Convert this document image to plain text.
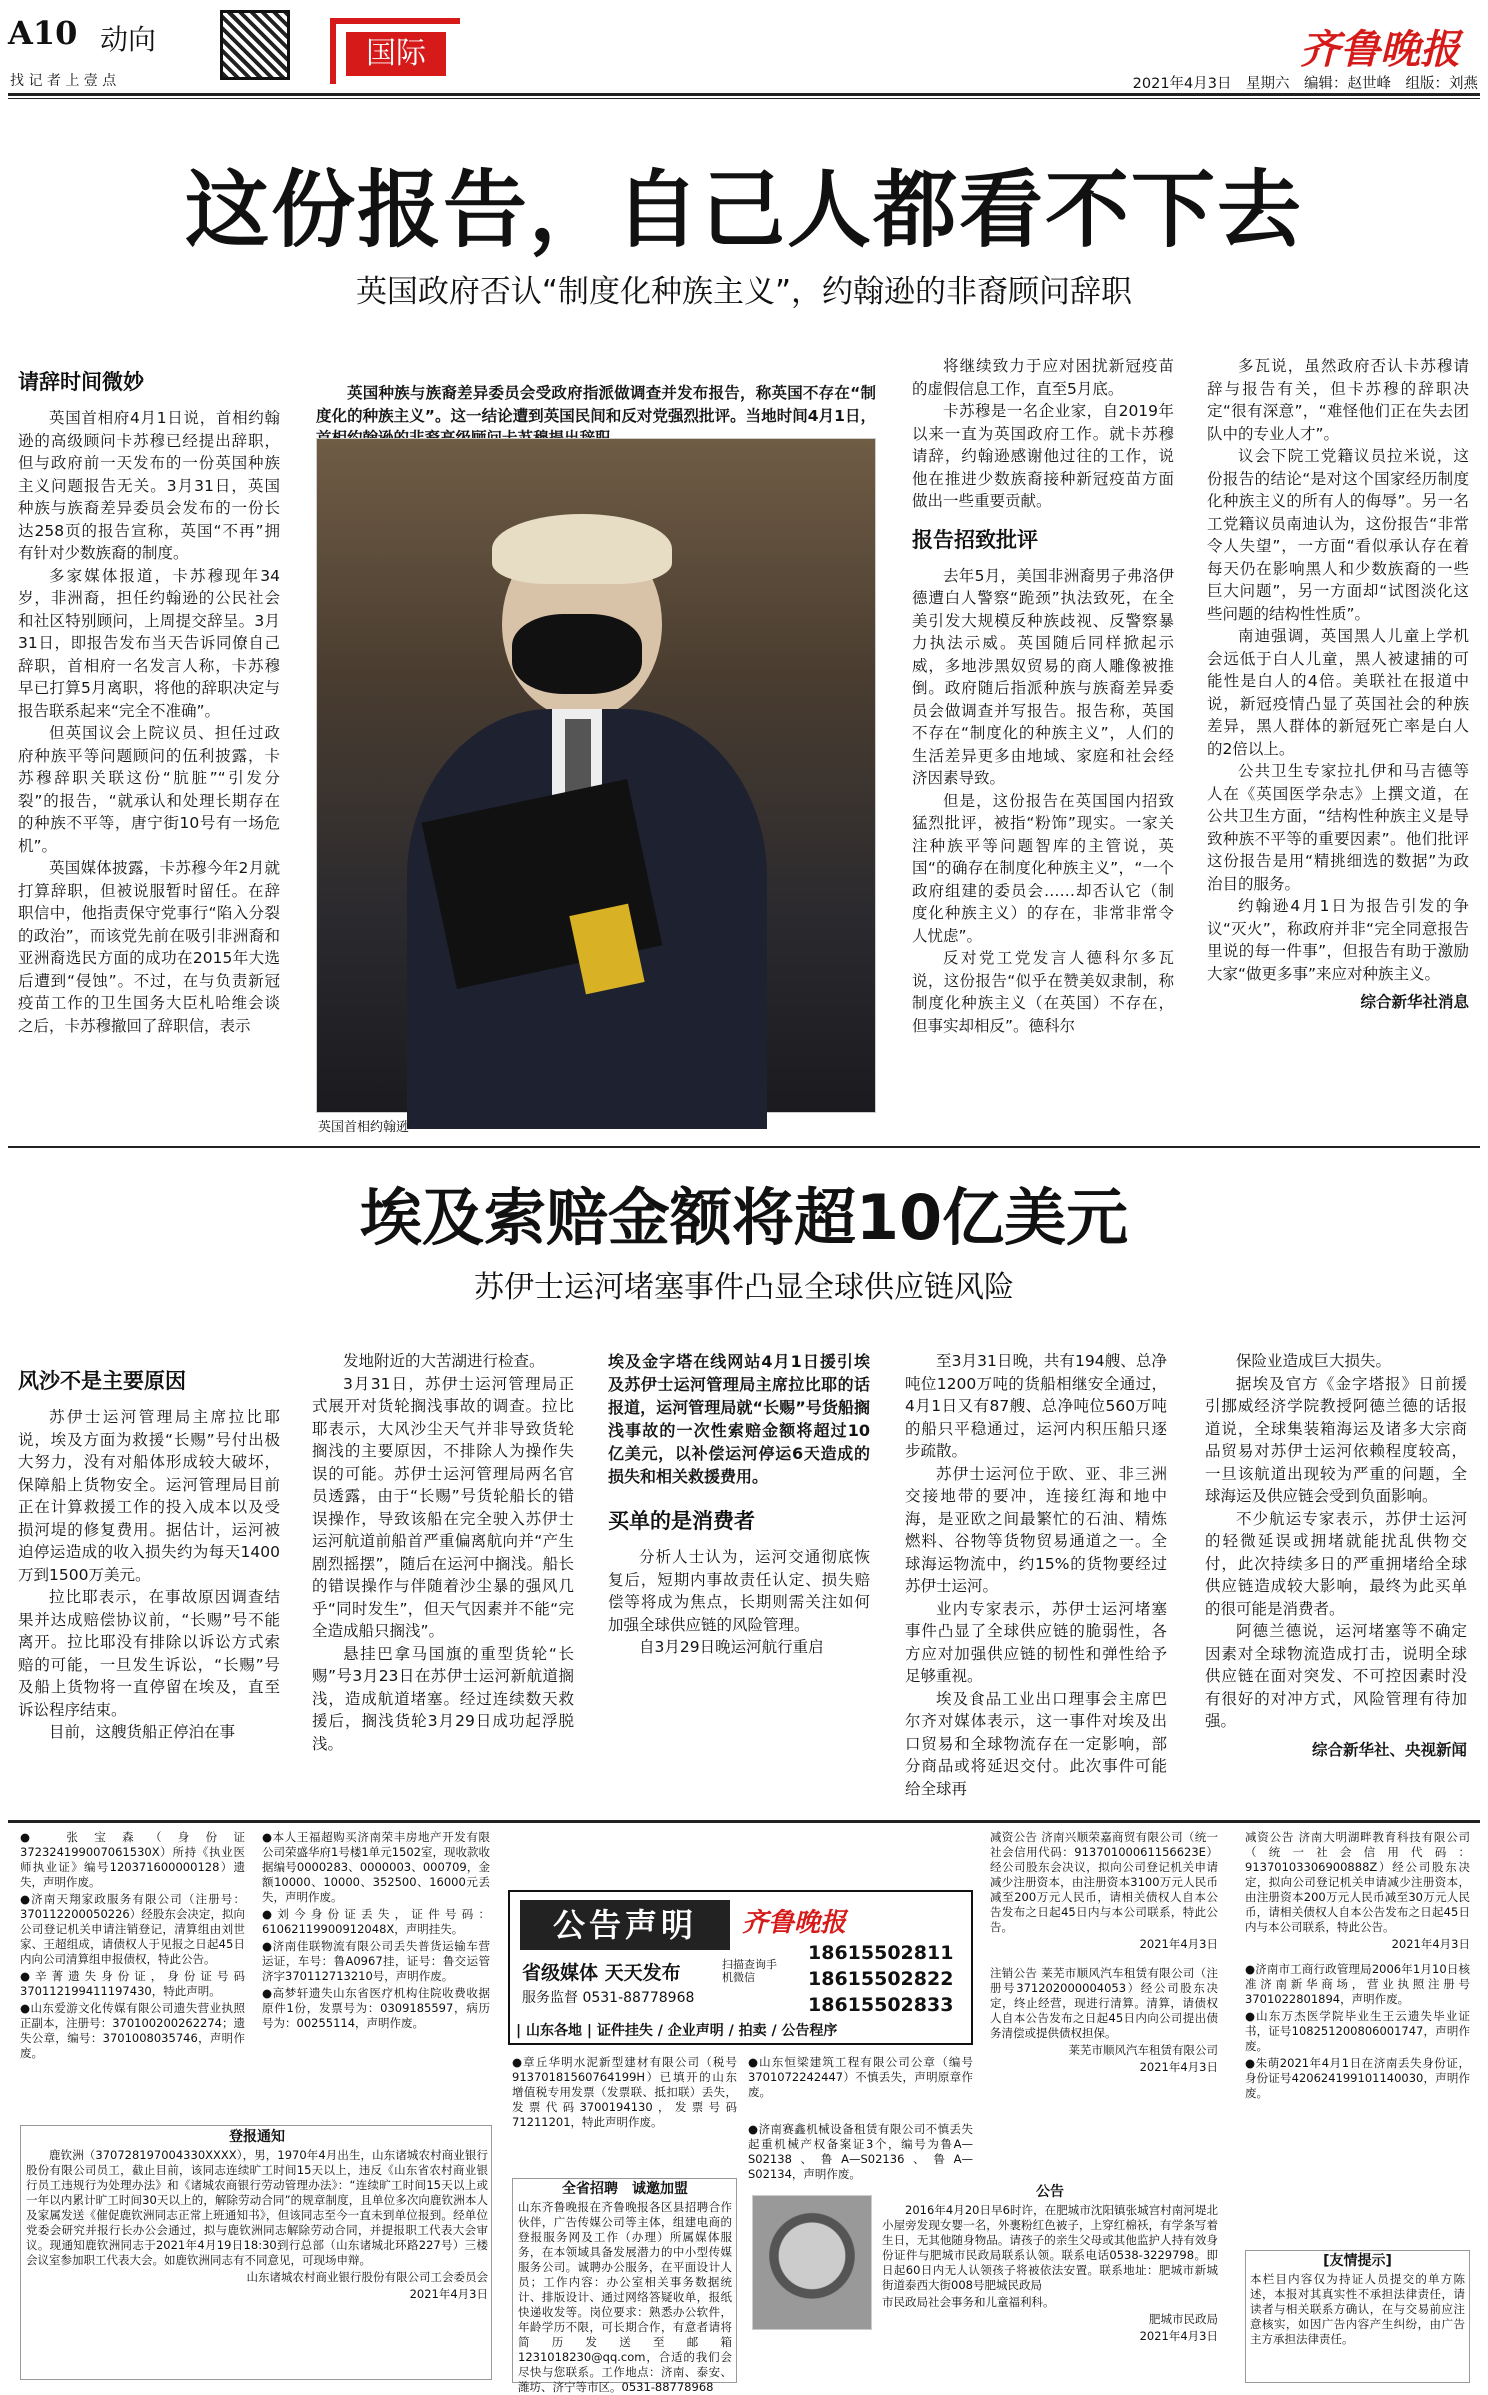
A10 动向
找 记 者 上 壹 点
国际	齐鲁晚报
2021年4月3日　星期六　编辑：赵世峰　组版：刘燕
这份报告，自己人都看不下去
英国政府否认“制度化种族主义”，约翰逊的非裔顾问辞职
请辞时间微妙

英国首相府4月1日说，首相约翰逊的高级顾问卡苏穆已经提出辞职，但与政府前一天发布的一份英国种族主义问题报告无关。3月31日，英国种族与族裔差异委员会发布的一份长达258页的报告宣称，英国“不再”拥有针对少数族裔的制度。

多家媒体报道，卡苏穆现年34岁，非洲裔，担任约翰逊的公民社会和社区特别顾问，上周提交辞呈。3月31日，即报告发布当天告诉同僚自己辞职，首相府一名发言人称，卡苏穆早已打算5月离职，将他的辞职决定与报告联系起来“完全不准确”。

但英国议会上院议员、担任过政府种族平等问题顾问的伍利披露，卡苏穆辞职关联这份“肮脏”“引发分裂”的报告，“就承认和处理长期存在的种族不平等，唐宁街10号有一场危机”。

英国媒体披露，卡苏穆今年2月就打算辞职，但被说服暂时留任。在辞职信中，他指责保守党事行“陷入分裂的政治”，而该党先前在吸引非洲裔和亚洲裔选民方面的成功在2015年大选后遭到“侵蚀”。不过，在与负责新冠疫苗工作的卫生国务大臣札哈维会谈之后，卡苏穆撤回了辞职信，表示

英国种族与族裔差异委员会受政府指派做调查并发布报告，称英国不存在“制度化的种族主义”。这一结论遭到英国民间和反对党强烈批评。当地时间4月1日，

英国首相约翰逊

将继续致力于应对困扰新冠疫苗的虚假信息工作，直至5月底。

卡苏穆是一名企业家，自2019年以来一直为英国政府工作。就卡苏穆请辞，约翰逊感谢他过往的工作，说他在推进少数族裔接种新冠疫苗方面做出一些重要贡献。

报告招致批评

去年5月，美国非洲裔男子弗洛伊德遭白人警察“跪颈”执法致死，在全美引发大规模反种族歧视、反警察暴力执法示威。英国随后同样掀起示威，多地涉黑奴贸易的商人雕像被推倒。政府随后指派种族与族裔差异委员会做调查并写报告。报告称，英国不存在“制度化的种族主义”，人们的生活差异更多由地域、家庭和社会经济因素导致。

但是，这份报告在英国国内招致猛烈批评，被指“粉饰”现实。一家关注种族平等问题智库的主管说，英国“的确存在制度化种族主义”，“一个政府组建的委员会……却否认它（制度化种族主义）的存在，非常非常令人忧虑”。

反对党工党发言人德科尔多瓦说，这份报告“似乎在赞美奴隶制，称制度化种族主义（在英国）不存在，但事实却相反”。德科尔

多瓦说，虽然政府否认卡苏穆请辞与报告有关，但卡苏穆的辞职决定“很有深意”，“难怪他们正在失去团队中的专业人才”。

议会下院工党籍议员拉米说，这份报告的结论“是对这个国家经历制度化种族主义的所有人的侮辱”。另一名工党籍议员南迪认为，这份报告“非常令人失望”，一方面“看似承认存在着每天仍在影响黑人和少数族裔的一些巨大问题”，另一方面却“试图淡化这些问题的结构性性质”。

南迪强调，英国黑人儿童上学机会远低于白人儿童，黑人被逮捕的可能性是白人的4倍。美联社在报道中说，新冠疫情凸显了英国社会的种族差异，黑人群体的新冠死亡率是白人的2倍以上。

公共卫生专家拉扎伊和马吉德等人在《英国医学杂志》上撰文道，在公共卫生方面，“结构性种族主义是导致种族不平等的重要因素”。他们批评这份报告是用“精挑细选的数据”为政治目的服务。

约翰逊4月1日为报告引发的争议“灭火”，称政府并非“完全同意报告里说的每一件事”，但报告有助于激励大家“做更多事”来应对种族主义。

综合新华社消息
埃及索赔金额将超10亿美元
苏伊士运河堵塞事件凸显全球供应链风险
风沙不是主要原因

苏伊士运河管理局主席拉比耶说，埃及方面为救援“长赐”号付出极大努力，没有对船体形成较大破坏，保障船上货物安全。运河管理局目前正在计算救援工作的投入成本以及受损河堤的修复费用。据估计，运河被迫停运造成的收入损失约为每天1400万到1500万美元。

拉比耶表示，在事故原因调查结果并达成赔偿协议前，“长赐”号不能离开。拉比耶没有排除以诉讼方式索赔的可能，一旦发生诉讼，“长赐”号及船上货物将一直停留在埃及，直至诉讼程序结束。

目前，这艘货船正停泊在事

发地附近的大苦湖进行检查。

3月31日，苏伊士运河管理局正式展开对货轮搁浅事故的调查。拉比耶表示，大风沙尘天气并非导致货轮搁浅的主要原因，不排除人为操作失误的可能。苏伊士运河管理局两名官员透露，由于“长赐”号货轮船长的错误操作，导致该船在完全驶入苏伊士运河航道前船首严重偏离航向并“产生剧烈摇摆”，随后在运河中搁浅。船长的错误操作与伴随着沙尘暴的强风几乎“同时发生”，但天气因素并不能“完全造成船只搁浅”。

悬挂巴拿马国旗的重型货轮“长赐”号3月23日在苏伊士运河新航道搁浅，造成航道堵塞。经过连续数天救援后，搁浅货轮3月29日成功起浮脱浅。

埃及金字塔在线网站4月1日援引埃及苏伊士运河管理局主席拉比耶的话报道，运河管理局就“长赐”号货船搁浅事故的一次性索赔金额将超过10亿美元，以补偿运河停运6天造成的损失和相关救援费用。
买单的是消费者

分析人士认为，运河交通彻底恢复后，短期内事故责任认定、损失赔偿等将成为焦点，长期则需关注如何加强全球供应链的风险管理。

自3月29日晚运河航行重启

至3月31日晚，共有194艘、总净吨位1200万吨的货船相继安全通过，4月1日又有87艘、总净吨位560万吨的船只平稳通过，运河内积压船只逐步疏散。

苏伊士运河位于欧、亚、非三洲交接地带的要冲，连接红海和地中海，是亚欧之间最繁忙的石油、精炼燃料、谷物等货物贸易通道之一。全球海运物流中，约15%的货物要经过苏伊士运河。

业内专家表示，苏伊士运河堵塞事件凸显了全球供应链的脆弱性，各方应对加强供应链的韧性和弹性给予足够重视。

埃及食品工业出口理事会主席巴尔齐对媒体表示，这一事件对埃及出口贸易和全球物流存在一定影响，部分商品或将延迟交付。此次事件可能给全球再

保险业造成巨大损失。

据埃及官方《金字塔报》日前援引挪威经济学院教授阿德兰德的话报道说，全球集装箱海运及诸多大宗商品贸易对苏伊士运河依赖程度较高，一旦该航道出现较为严重的问题，全球海运及供应链会受到负面影响。

不少航运专家表示，苏伊士运河的轻微延误或拥堵就能扰乱供物交付，此次持续多日的严重拥堵给全球供应链造成较大影响，最终为此买单的很可能是消费者。

阿德兰德说，运河堵塞等不确定因素对全球物流造成打击，说明全球供应链在面对突发、不可控因素时没有很好的对冲方式，风险管理有待加强。

综合新华社、央视新闻

● 张宝森（身份证372324199007061530X）所持《执业医师执业证》编号120371600000128）遗失，声明作废。

●济南天翔家政服务有限公司（注册号：370112200050226）经股东会决定，拟向公司登记机关申请注销登记，清算组由刘世家、王超组成，请债权人于见报之日起45日内向公司清算组申报债权，特此公告。

●辛菁遗失身份证，身份证号码370112199411197430，特此声明。

●山东爱游文化传媒有限公司遗失营业执照正副本，注册号：370100200262274；遗失公章，编号：3701008035746，声明作废。

●本人王福超购买济南荣丰房地产开发有限公司荣盛华府1号楼1单元1502室，现收款收据编号0000283、0000003、000709，金额10000、10000、352500、16000元丢失，声明作废。

●刘今身份证丢失，证件号码：61062119900912048X，声明挂失。

●济南佳联物流有限公司丢失普货运输车营运证，车号：鲁A0967挂，证号：鲁交运管济字370112713210号，声明作废。

●高梦轩遗失山东省医疗机构住院收费收据原件1份，发票号为：0309185597，病历号为：00255114，声明作废。

公告声明	齐鲁晚报
省级媒体 天天发布
服务监督 0531-88778968
扫描查询手机微信
18615502811
18615502822
18615502833
| 山东各地 | 证件挂失 / 企业声明 / 拍卖 / 公告程序

●章丘华明水泥新型建材有限公司（税号91370181560764199H）已填开的山东增值税专用发票（发票联、抵扣联）丢失，发票代码3700194130，发票号码71211201，特此声明作废。

●山东恒梁建筑工程有限公司公章（编号3701072242447）不慎丢失，声明原章作废。

●济南赛鑫机械设备租赁有限公司不慎丢失起重机械产权备案证3个，编号为鲁A—S02138、鲁A—S02136、鲁A—S02134，声明作废。

全省招聘　诚邀加盟

山东齐鲁晚报在齐鲁晚报各区县招聘合作伙伴，广告传媒公司等主体，组建电商的登报服务网及工作（办理）所属媒体服务，在本领域具备发展潜力的中小型传媒服务公司。诚聘办公服务，在平面设计人员；工作内容：办公室相关事务数据统计、排版设计、通过网络答疑收单，报纸快递收发等。岗位要求：熟悉办公软件，年龄学历不限，可长期合作，有意者请将简历发送至邮箱1231018230@qq.com，合适的我们会尽快与您联系。工作地点：济南、泰安、潍坊、济宁等市区。0531-88778968

登报通知

鹿钦洲（370728197004330XXXX），男，1970年4月出生，山东诸城农村商业银行股份有限公司员工，截止目前，该同志连续旷工时间15天以上，违反《山东省农村商业银行员工违规行为处理办法》和《诸城农商银行劳动管理办法》：“连续旷工时间15天以上或一年以内累计旷工时间30天以上的，解除劳动合同”的规章制度，且单位多次向鹿钦洲本人及家属发送《催促鹿钦洲同志正常上班通知书》，但该同志至今一直未到单位报到。经单位党委会研究并报行长办公会通过，拟与鹿钦洲同志解除劳动合同，并提报职工代表大会审议。现通知鹿钦洲同志于2021年4月19日18:30到行总部（山东诸城北环路227号）三楼会议室参加职工代表大会。如鹿钦洲同志有不同意见，可现场申辩。

山东诸城农村商业银行股份有限公司工会委员会

2021年4月3日

公告

2016年4月20日早6时许，在肥城市沈阳镇张城宫村南河堤北小屋旁发现女婴一名，外裹粉红色被子，上穿红棉袄，有学条写着生日，无其他随身物品。请孩子的亲生父母或其他监护人持有效身份证件与肥城市民政局联系认领。联系电话0538-3229798。即日起60日内无人认领孩子将被依法安置。联系地址：肥城市新城街道泰西大街008号肥城民政局

市民政局社会事务和儿童福利科。

肥城市民政局

2021年4月3日

减资公告 济南兴顺荣嘉商贸有限公司（统一社会信用代码：91370100061156623E）经公司股东会决议，拟向公司登记机关申请减少注册资本，由注册资本3100万元人民币减至200万元人民币，请相关债权人自本公告发布之日起45日内与本公司联系，特此公告。

2021年4月3日

注销公告 莱芜市顺风汽车租赁有限公司（注册号371202000004053）经公司股东决定，终止经营，现进行清算。清算，请债权人自本公告发布之日起45日内向公司提出债务清偿或提供债权担保。

莱芜市顺风汽车租赁有限公司

2021年4月3日

减资公告 济南大明湖畔教育科技有限公司（统一社会信用代码：91370103306900888Z）经公司股东决定，拟向公司登记机关申请减少注册资本，由注册资本200万元人民币减至30万元人民币，请相关债权人自本公告发布之日起45日内与本公司联系，特此公告。

2021年4月3日

●济南市工商行政管理局2006年1月10日核准济南新华商场，营业执照注册号3701022801894，声明作废。

●山东万杰医学院毕业生王云遗失毕业证书，证号108251200806001747，声明作废。

●朱萌2021年4月1日在济南丢失身份证，身份证号420624199101140030，声明作废。

[友情提示]

本栏目内容仅为持证人员提交的单方陈述，本报对其真实性不承担法律责任，请读者与相关联系方确认，在与交易前应注意核实，如因广告内容产生纠纷，由广告主方承担法律责任。
